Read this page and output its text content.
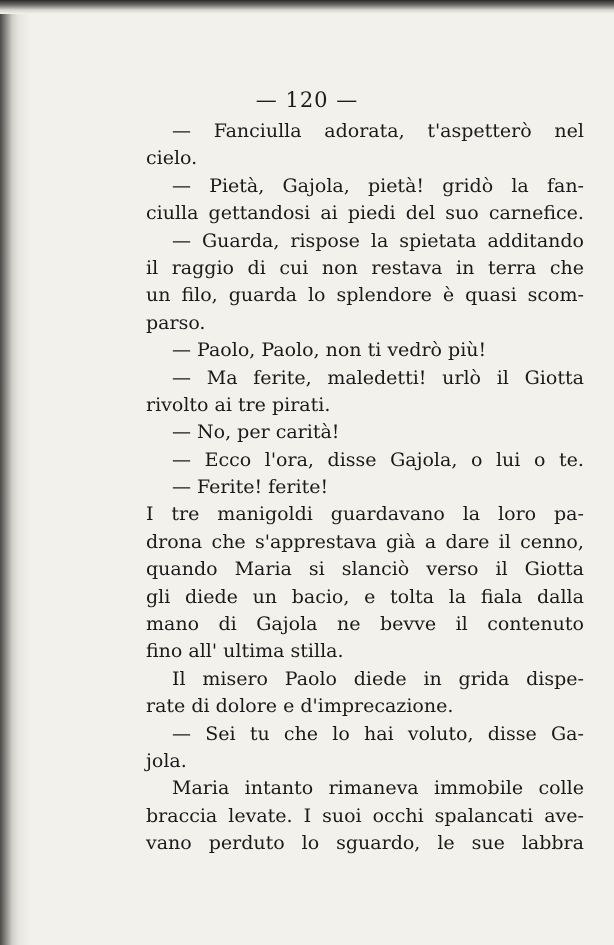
— 120 —
— Fanciulla adorata, t'aspetterò nel
cielo.
— Pietà, Gajola, pietà! gridò la fan-
ciulla gettandosi ai piedi del suo carnefice.
— Guarda, rispose la spietata additando
il raggio di cui non restava in terra che
un filo, guarda lo splendore è quasi scom-
parso.
— Paolo, Paolo, non ti vedrò più!
— Ma ferite, maledetti! urlò il Giotta
rivolto ai tre pirati.
— No, per carità!
— Ecco l'ora, disse Gajola, o lui o te.
— Ferite! ferite!
I tre manigoldi guardavano la loro pa-
drona che s'apprestava già a dare il cenno,
quando Maria si slanciò verso il Giotta
gli diede un bacio, e tolta la fiala dalla
mano di Gajola ne bevve il contenuto
fino all' ultima stilla.
Il misero Paolo diede in grida dispe-
rate di dolore e d'imprecazione.
— Sei tu che lo hai voluto, disse Ga-
jola.
Maria intanto rimaneva immobile colle
braccia levate. I suoi occhi spalancati ave-
vano perduto lo sguardo, le sue labbra
